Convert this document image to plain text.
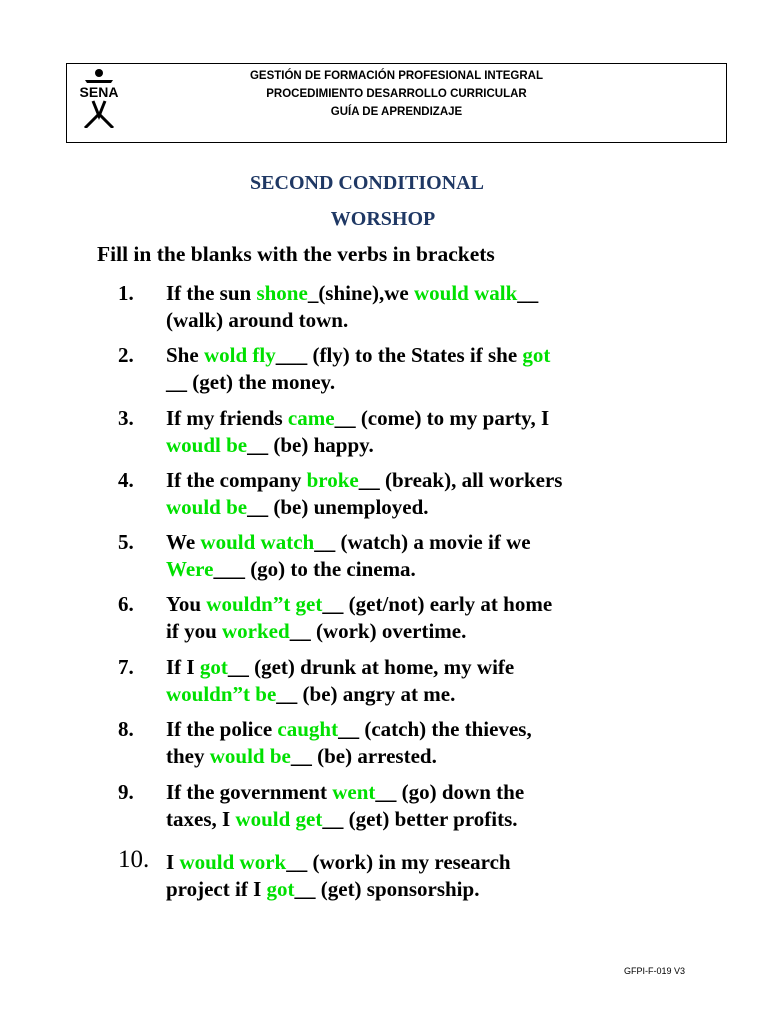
SENA
GESTIÓN DE FORMACIÓN PROFESIONAL INTEGRAL
PROCEDIMIENTO DESARROLLO CURRICULAR
GUÍA DE APRENDIZAJE
SECOND CONDITIONAL
WORSHOP
Fill in the blanks with the verbs in brackets
1.	If the sun shone_(shine),we would walk__
(walk) around town.
2.	She wold fly___ (fly) to the States if she got
__ (get) the money.
3.	If my friends came__ (come) to my party, I
woudl be__ (be) happy.
4.	If the company broke__ (break), all workers
would be__ (be) unemployed.
5.	We would watch__ (watch) a movie if we
Were___ (go) to the cinema.
6.	You wouldn”t get__ (get/not) early at home
if you worked__ (work) overtime.
7.	If I got__ (get) drunk at home, my wife
wouldn”t be__ (be) angry at me.
8.	If the police caught__ (catch) the thieves,
they would be__ (be) arrested.
9.	If the government went__ (go) down the
taxes, I would get__ (get) better profits.
10. I would work__ (work) in my research
project if I got__ (get) sponsorship.
GFPI-F-019 V3
